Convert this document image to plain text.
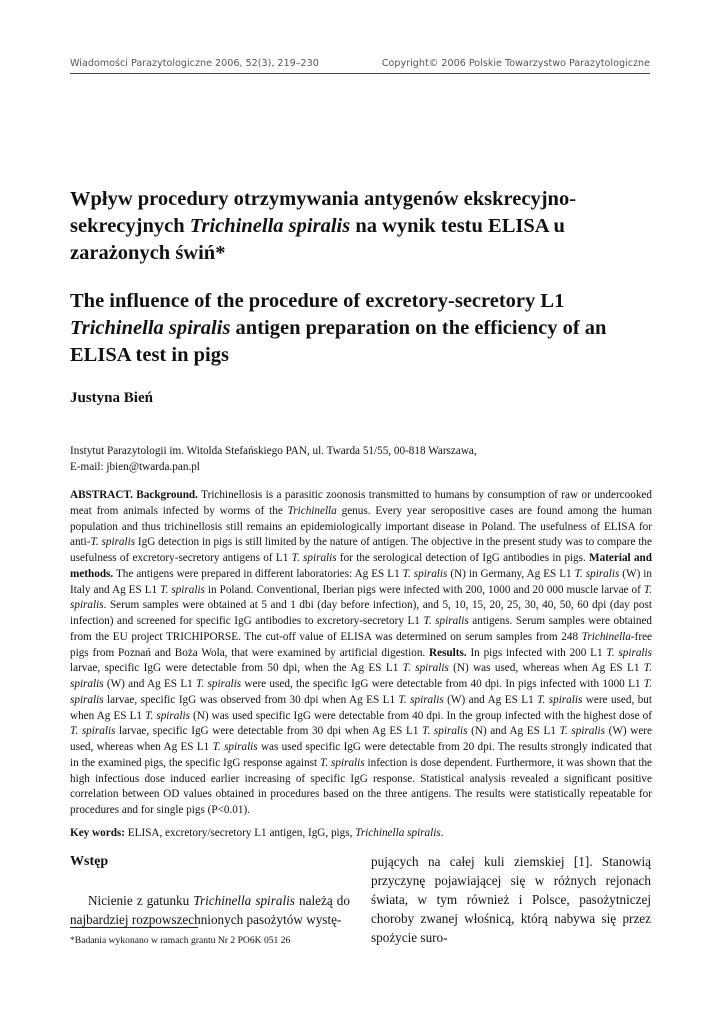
Wiadomości Parazytologiczne 2006, 52(3), 219–230	Copyright© 2006 Polskie Towarzystwo Parazytologiczne
Wpływ procedury otrzymywania antygenów ekskrecyjno-sekrecyjnych Trichinella spiralis na wynik testu ELISA u zarażonych świń*
The influence of the procedure of excretory-secretory L1 Trichinella spiralis antigen preparation on the efficiency of an ELISA test in pigs
Justyna Bień
Instytut Parazytologii im. Witolda Stefańskiego PAN, ul. Twarda 51/55, 00-818 Warszawa,
E-mail: jbien@twarda.pan.pl
ABSTRACT. Background. Trichinellosis is a parasitic zoonosis transmitted to humans by consumption of raw or undercooked meat from animals infected by worms of the Trichinella genus. Every year seropositive cases are found among the human population and thus trichinellosis still remains an epidemiologically important disease in Poland. The usefulness of ELISA for anti-T. spiralis IgG detection in pigs is still limited by the nature of antigen. The objective in the present study was to compare the usefulness of excretory-secretory antigens of L1 T. spiralis for the serological detection of IgG antibodies in pigs. Material and methods. The antigens were prepared in different laboratories: Ag ES L1 T. spiralis (N) in Germany, Ag ES L1 T. spiralis (W) in Italy and Ag ES L1 T. spiralis in Poland. Conventional, Iberian pigs were infected with 200, 1000 and 20 000 muscle larvae of T. spiralis. Serum samples were obtained at 5 and 1 dbi (day before infection), and 5, 10, 15, 20, 25, 30, 40, 50, 60 dpi (day post infection) and screened for specific IgG antibodies to excretory-secretory L1 T. spiralis antigens. Serum samples were obtained from the EU project TRICHIPORSE. The cut-off value of ELISA was determined on serum samples from 248 Trichinella-free pigs from Poznań and Boża Wola, that were examined by artificial digestion. Results. In pigs infected with 200 L1 T. spiralis larvae, specific IgG were detectable from 50 dpi, when the Ag ES L1 T. spiralis (N) was used, whereas when Ag ES L1 T. spiralis (W) and Ag ES L1 T. spiralis were used, the specific IgG were detectable from 40 dpi. In pigs infected with 1000 L1 T. spiralis larvae, specific IgG was observed from 30 dpi when Ag ES L1 T. spiralis (W) and Ag ES L1 T. spiralis were used, but when Ag ES L1 T. spiralis (N) was used specific IgG were detectable from 40 dpi. In the group infected with the highest dose of T. spiralis larvae, specific IgG were detectable from 30 dpi when Ag ES L1 T. spiralis (N) and Ag ES L1 T. spiralis (W) were used, whereas when Ag ES L1 T. spiralis was used specific IgG were detectable from 20 dpi. The results strongly indicated that in the examined pigs, the specific IgG response against T. spiralis infection is dose dependent. Furthermore, it was shown that the high infectious dose induced earlier increasing of specific IgG response. Statistical analysis revealed a significant positive correlation between OD values obtained in procedures based on the three antigens. The results were statistically repeatable for procedures and for single pigs (P<0.01).
Key words: ELISA, excretory/secretory L1 antigen, IgG, pigs, Trichinella spiralis.
Wstęp

Nicienie z gatunku Trichinella spiralis należą do najbardziej rozpowszechnionych pasożytów wystę-

pujących na całej kuli ziemskiej [1]. Stanowią przyczynę pojawiającej się w różnych rejonach świata, w tym również i Polsce, pasożytniczej choroby zwanej włośnicą, którą nabywa się przez spożycie suro-

*Badania wykonano w ramach grantu Nr 2 PO6K 051 26
